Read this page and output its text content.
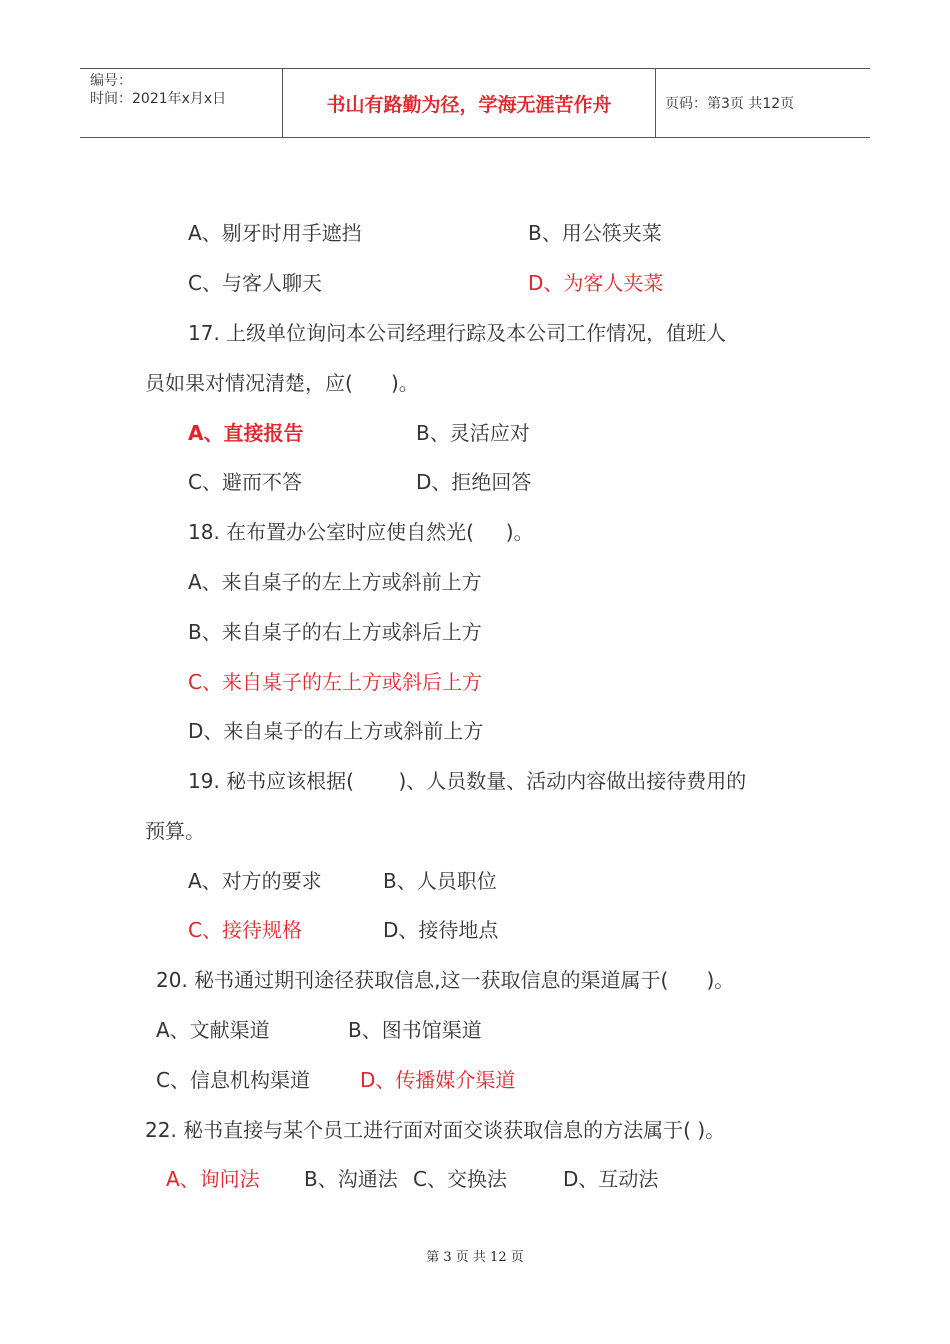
编号：
时间：2021年x月x日	书山有路勤为径，学海无涯苦作舟	页码：第3页 共12页
A、剔牙时用手遮挡	B、用公筷夹菜
C、与客人聊天	D、为客人夹菜
17. 上级单位询问本公司经理行踪及本公司工作情况，值班人
员如果对情况清楚，应(      )。
A、直接报告	B、灵活应对
C、避而不答	D、拒绝回答
18. 在布置办公室时应使自然光(     )。
A、来自桌子的左上方或斜前上方
B、来自桌子的右上方或斜后上方
C、来自桌子的左上方或斜后上方
D、来自桌子的右上方或斜前上方
19. 秘书应该根据(       )、人员数量、活动内容做出接待费用的
预算。
A、对方的要求	B、人员职位
C、接待规格	D、接待地点
20. 秘书通过期刊途径获取信息,这一获取信息的渠道属于(      )。
A、文献渠道	B、图书馆渠道
C、信息机构渠道	D、传播媒介渠道
22. 秘书直接与某个员工进行面对面交谈获取信息的方法属于( )。
A、询问法 B、沟通法 C、交换法	D、互动法
第 3 页 共 12 页
